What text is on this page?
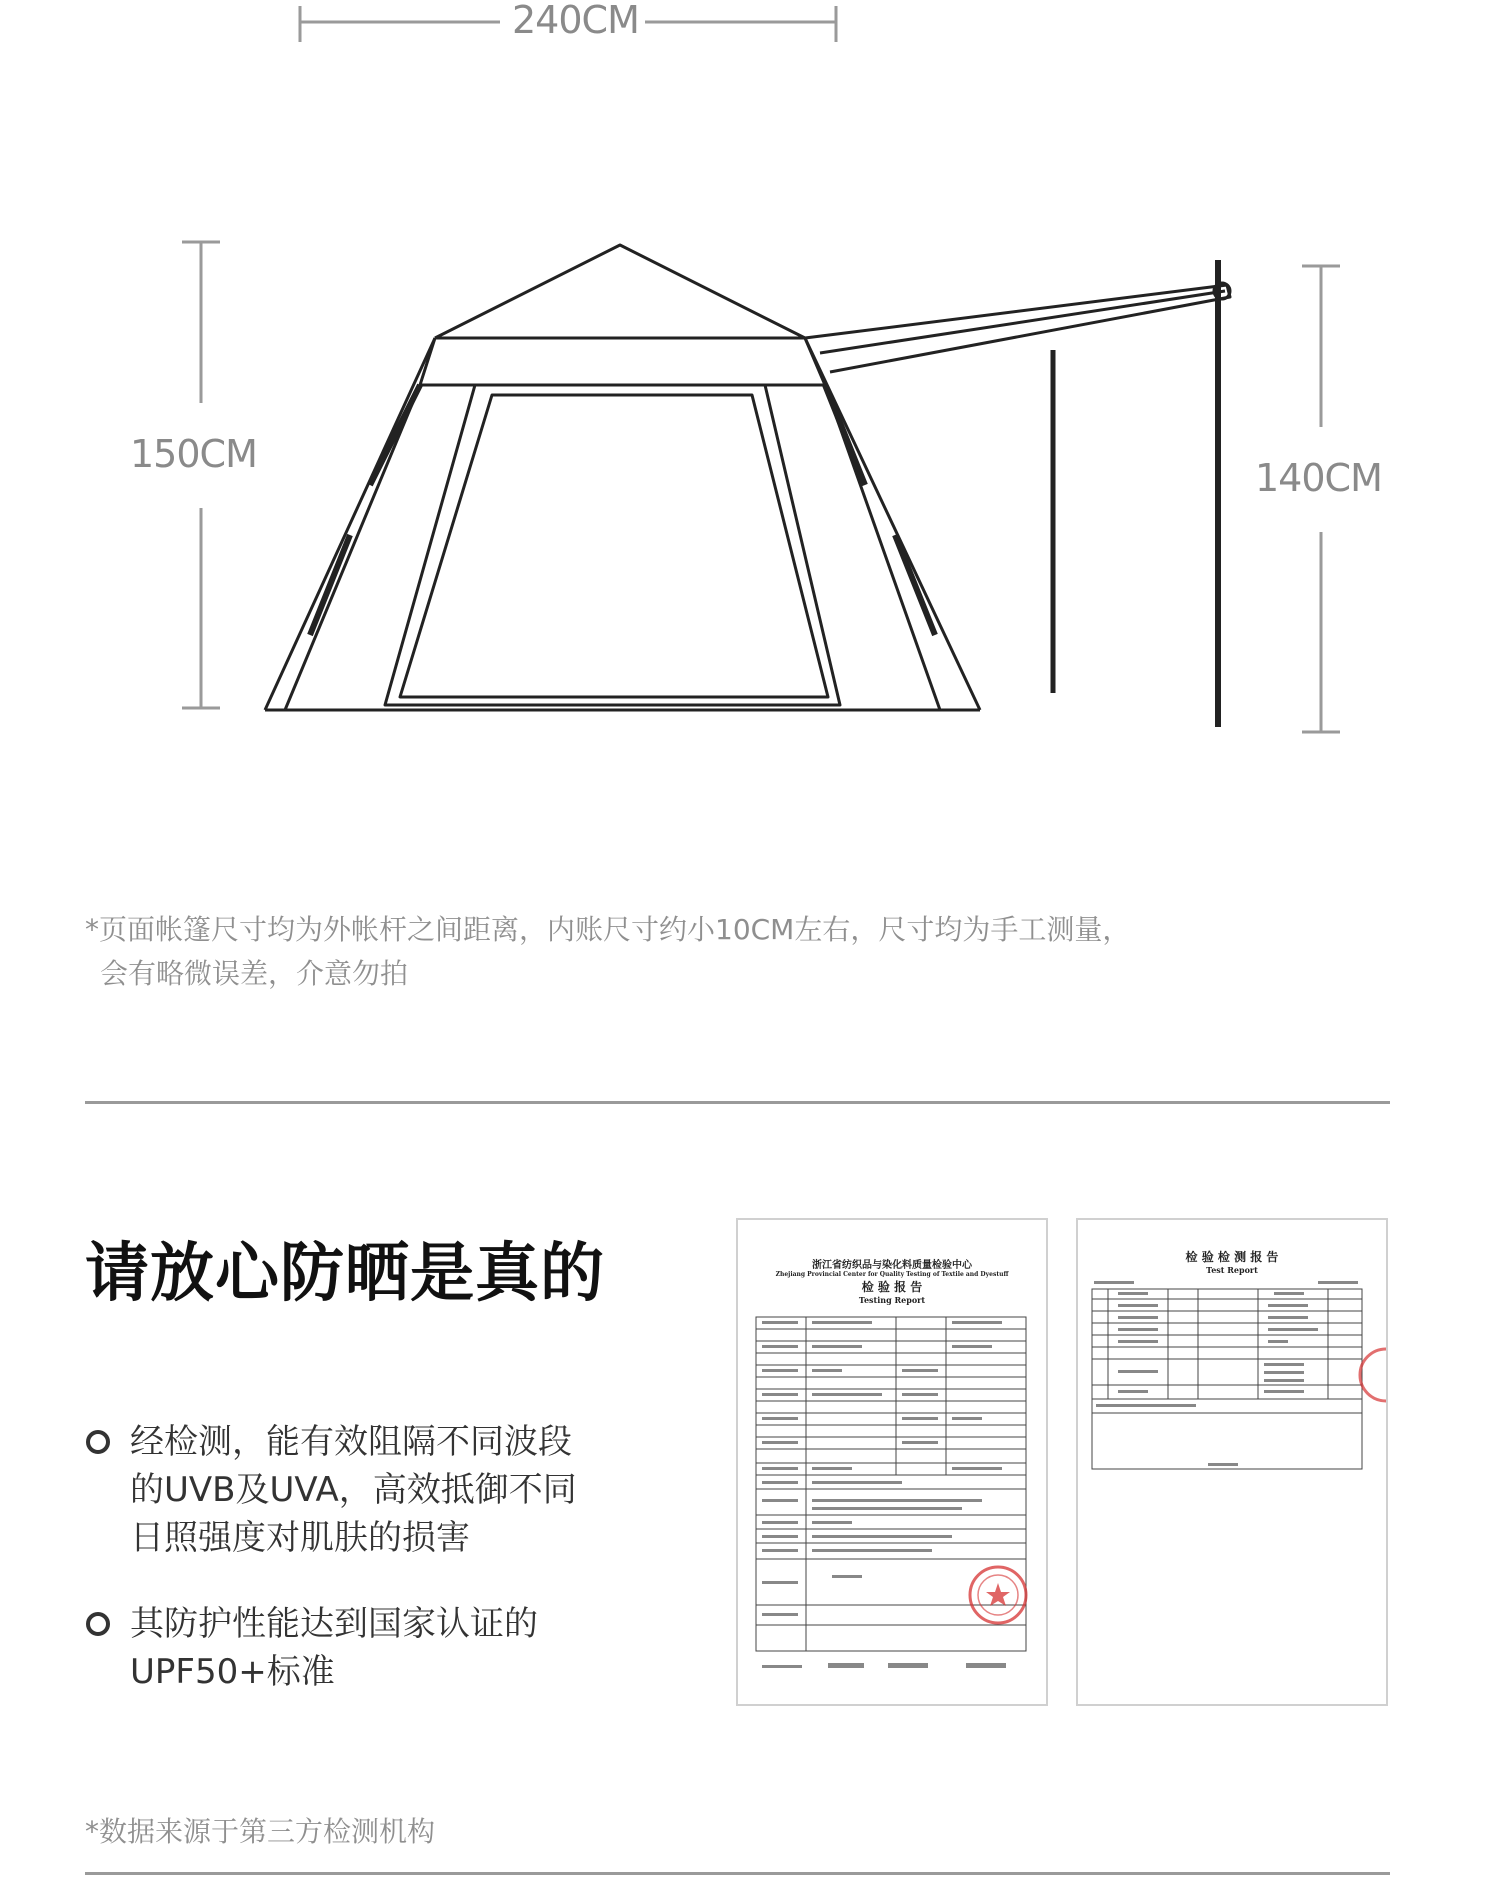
240CM
150CM
140CM
*页面帐篷尺寸均为外帐杆之间距离，内账尺寸约小10CM左右，尺寸均为手工测量，
会有略微误差，介意勿拍
请放心防晒是真的
经检测，能有效阻隔不同波段
的UVB及UVA，高效抵御不同
日照强度对肌肤的损害
其防护性能达到国家认证的
UPF50+标准
浙江省纺织品与染化料质量检验中心
Zhejiang Provincial Center for Quality Testing of Textile and Dyestuff
检 验 报 告
Testing Report
检 验 检 测 报 告
Test Report
*数据来源于第三方检测机构
